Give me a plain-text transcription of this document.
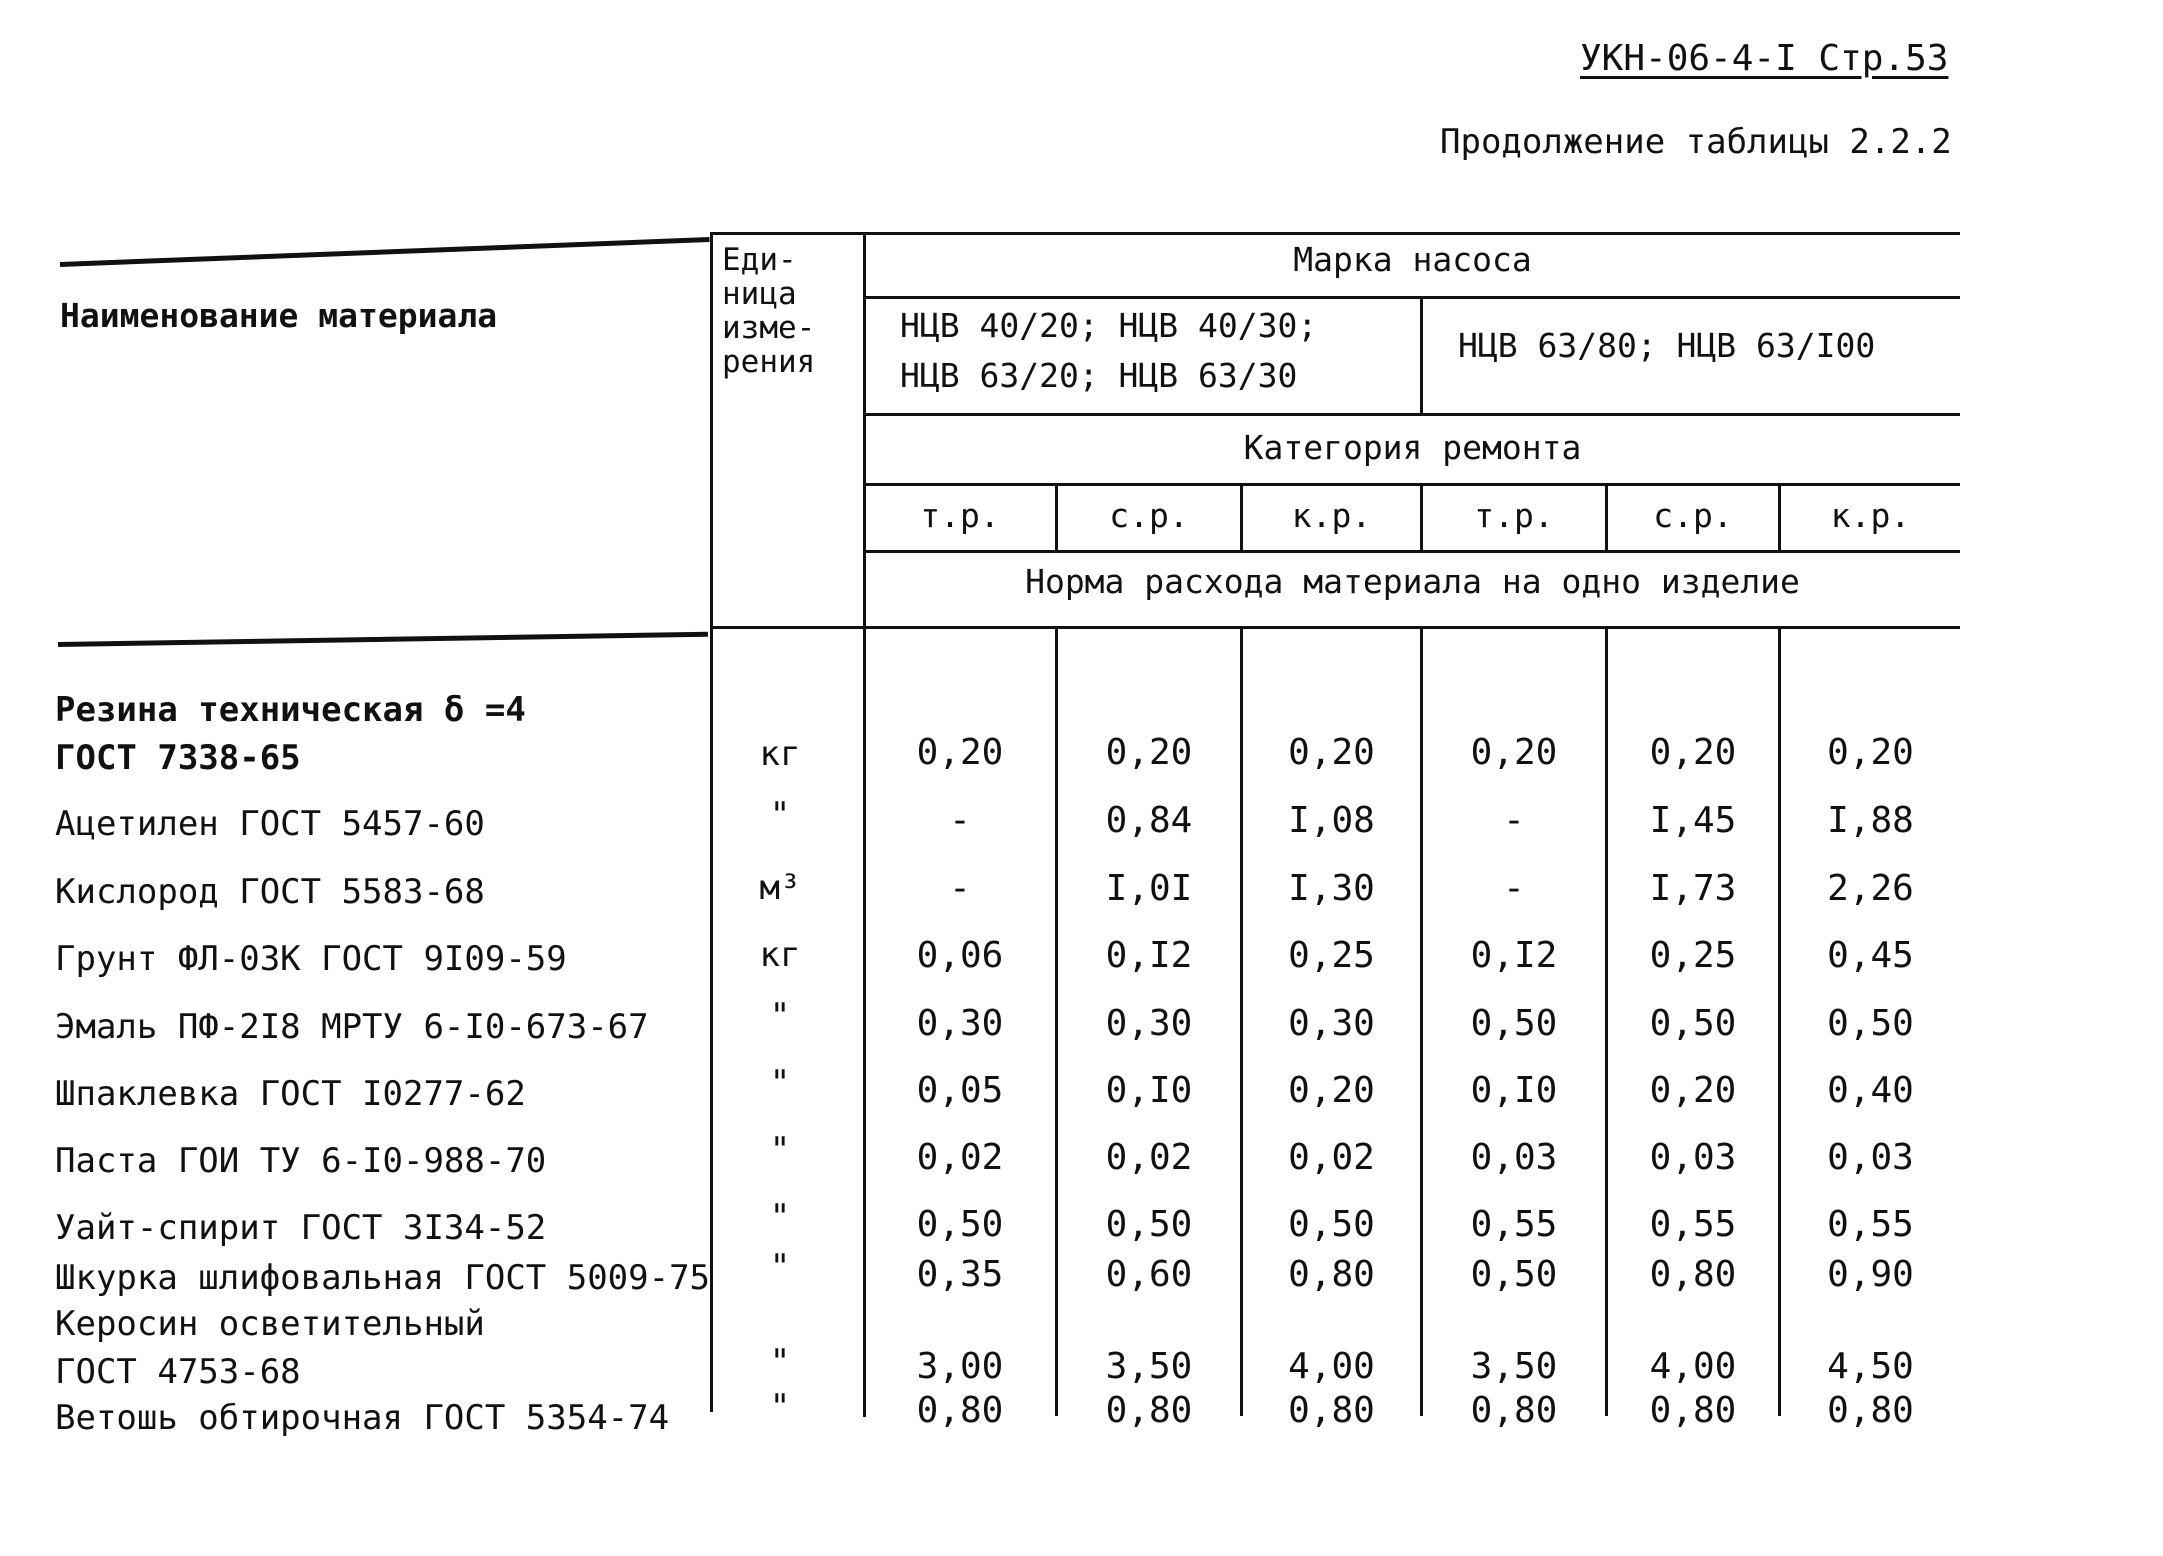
УКН-06-4-I Стр.53
Продолжение таблицы 2.2.2
Наименование материала
Еди-
ница
изме-
рения
Марка насоса
НЦВ 40/20; НЦВ 40/30;
НЦВ 63/20; НЦВ 63/30
НЦВ 63/80; НЦВ 63/I00
Категория ремонта
т.р.	с.р.	к.р.	т.р.	с.р.	к.р.
Норма расхода материала на одно изделие
Резина техническая δ =4
ГОСТ 7338-65	кг	0,20	0,20	0,20	0,20	0,20	0,20
Ацетилен ГОСТ 5457-60	"	-	0,84	I,08	-	I,45	I,88
Кислород ГОСТ 5583-68	м³	-	I,0I	I,30	-	I,73	2,26
Грунт ФЛ-03К ГОСТ 9I09-59	кг	0,06	0,I2	0,25	0,I2	0,25	0,45
Эмаль ПФ-2I8 МРТУ 6-I0-673-67	"	0,30	0,30	0,30	0,50	0,50	0,50
Шпаклевка ГОСТ I0277-62	"	0,05	0,I0	0,20	0,I0	0,20	0,40
Паста ГОИ ТУ 6-I0-988-70	"	0,02	0,02	0,02	0,03	0,03	0,03
Уайт-спирит ГОСТ 3I34-52	"	0,50	0,50	0,50	0,55	0,55	0,55
Шкурка шлифовальная ГОСТ 5009-75	"	0,35	0,60	0,80	0,50	0,80	0,90
Керосин осветительный
ГОСТ 4753-68	"	3,00	3,50	4,00	3,50	4,00	4,50
Ветошь обтирочная ГОСТ 5354-74	"	0,80	0,80	0,80	0,80	0,80	0,80
